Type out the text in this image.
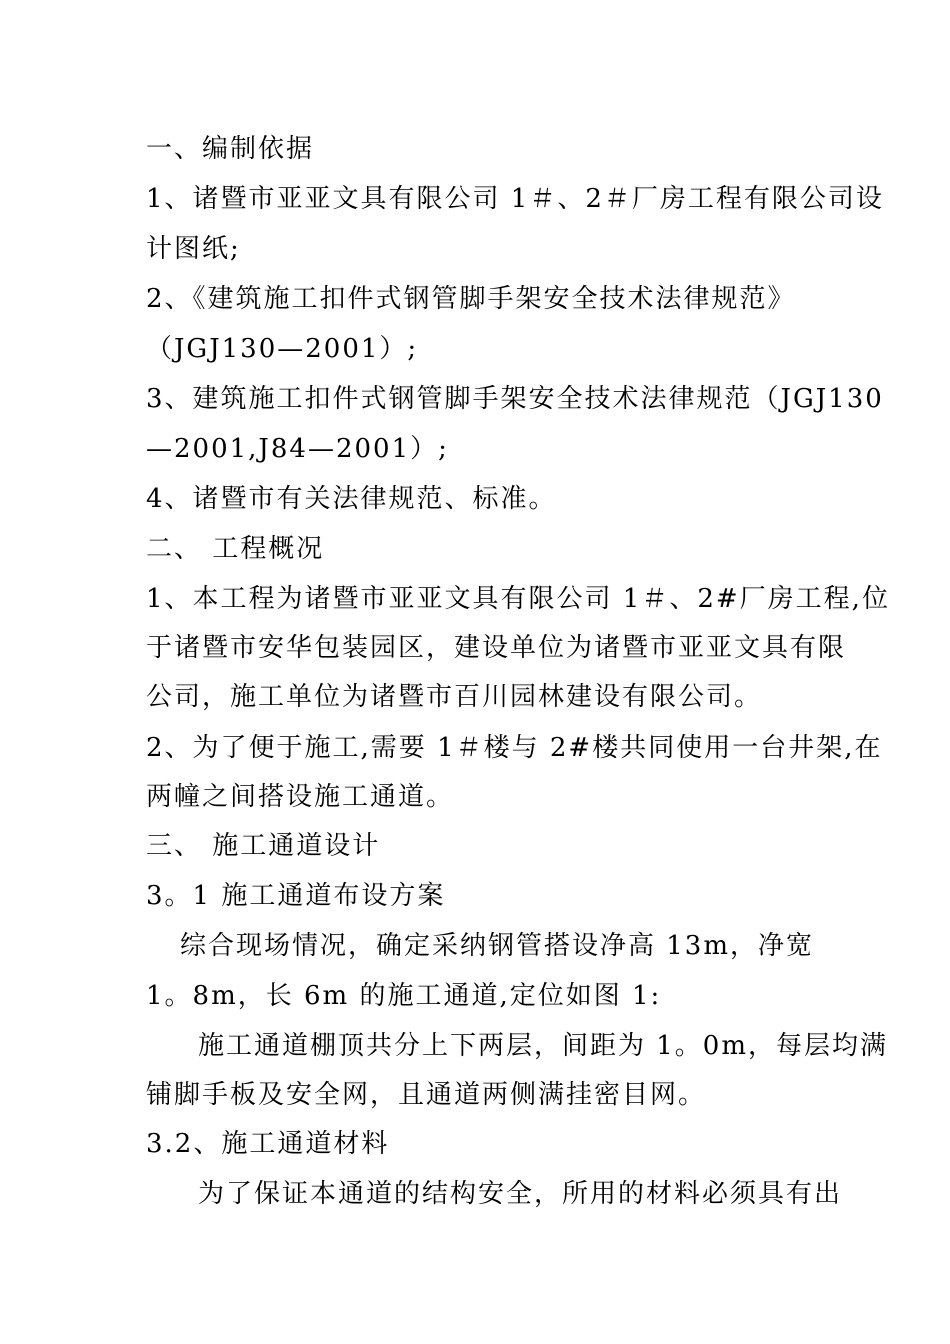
一、编制依据
1、诸暨市亚亚文具有限公司 1＃、2＃厂房工程有限公司设
计图纸;
2、《建筑施工扣件式钢管脚手架安全技术法律规范》
（JGJ130—2001）;
3、建筑施工扣件式钢管脚手架安全技术法律规范（JGJ130
—2001,J84—2001）;
4、诸暨市有关法律规范、标准。
二、 工程概况
1、本工程为诸暨市亚亚文具有限公司 1＃、2#厂房工程,位
于诸暨市安华包装园区，建设单位为诸暨市亚亚文具有限
公司，施工单位为诸暨市百川园林建设有限公司。
2、为了便于施工,需要 1＃楼与 2#楼共同使用一台井架,在
两幢之间搭设施工通道。
三、 施工通道设计
3。1 施工通道布设方案
综合现场情况，确定采纳钢管搭设净高 13m，净宽
1。8m，长 6m 的施工通道,定位如图 1:
施工通道棚顶共分上下两层，间距为 1。0m，每层均满
铺脚手板及安全网，且通道两侧满挂密目网。
3.2、施工通道材料
为了保证本通道的结构安全，所用的材料必须具有出
